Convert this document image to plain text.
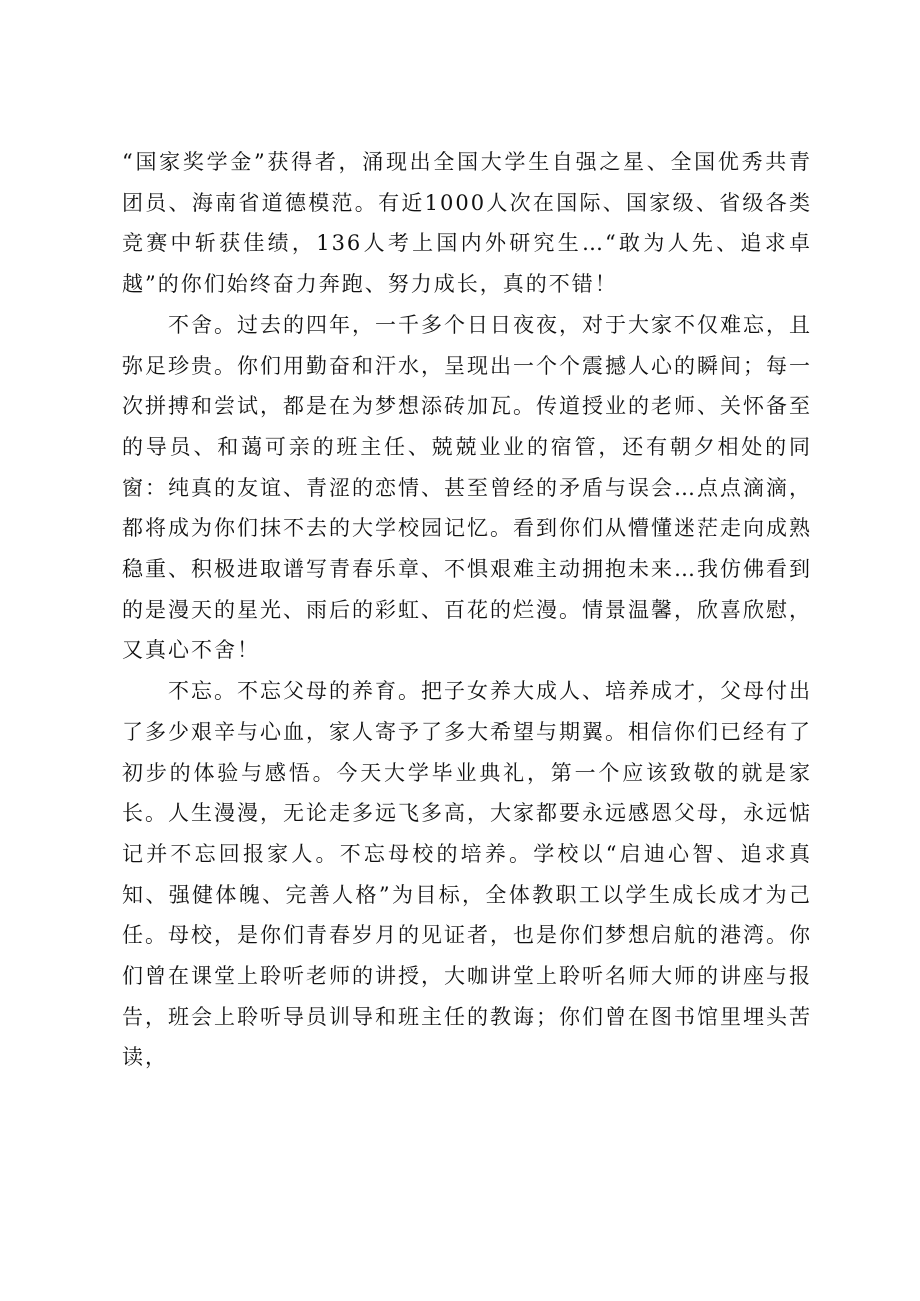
“国家奖学金”获得者，涌现出全国大学生自强之星、全国优秀共青团员、海南省道德模范。有近1000人次在国际、国家级、省级各类竞赛中斩获佳绩，136人考上国内外研究生…“敢为人先、追求卓越”的你们始终奋力奔跑、努力成长，真的不错！

不舍。过去的四年，一千多个日日夜夜，对于大家不仅难忘，且弥足珍贵。你们用勤奋和汗水，呈现出一个个震撼人心的瞬间；每一次拼搏和尝试，都是在为梦想添砖加瓦。传道授业的老师、关怀备至的导员、和蔼可亲的班主任、兢兢业业的宿管，还有朝夕相处的同窗：纯真的友谊、青涩的恋情、甚至曾经的矛盾与误会…点点滴滴，都将成为你们抹不去的大学校园记忆。看到你们从懵懂迷茫走向成熟稳重、积极进取谱写青春乐章、不惧艰难主动拥抱未来…我仿佛看到的是漫天的星光、雨后的彩虹、百花的烂漫。情景温馨，欣喜欣慰，又真心不舍！

不忘。不忘父母的养育。把子女养大成人、培养成才，父母付出了多少艰辛与心血，家人寄予了多大希望与期翼。相信你们已经有了初步的体验与感悟。今天大学毕业典礼，第一个应该致敬的就是家长。人生漫漫，无论走多远飞多高，大家都要永远感恩父母，永远惦记并不忘回报家人。不忘母校的培养。学校以“启迪心智、追求真知、强健体魄、完善人格”为目标，全体教职工以学生成长成才为己任。母校，是你们青春岁月的见证者，也是你们梦想启航的港湾。你们曾在课堂上聆听老师的讲授，大咖讲堂上聆听名师大师的讲座与报告，班会上聆听导员训导和班主任的教诲；你们曾在图书馆里埋头苦读，
